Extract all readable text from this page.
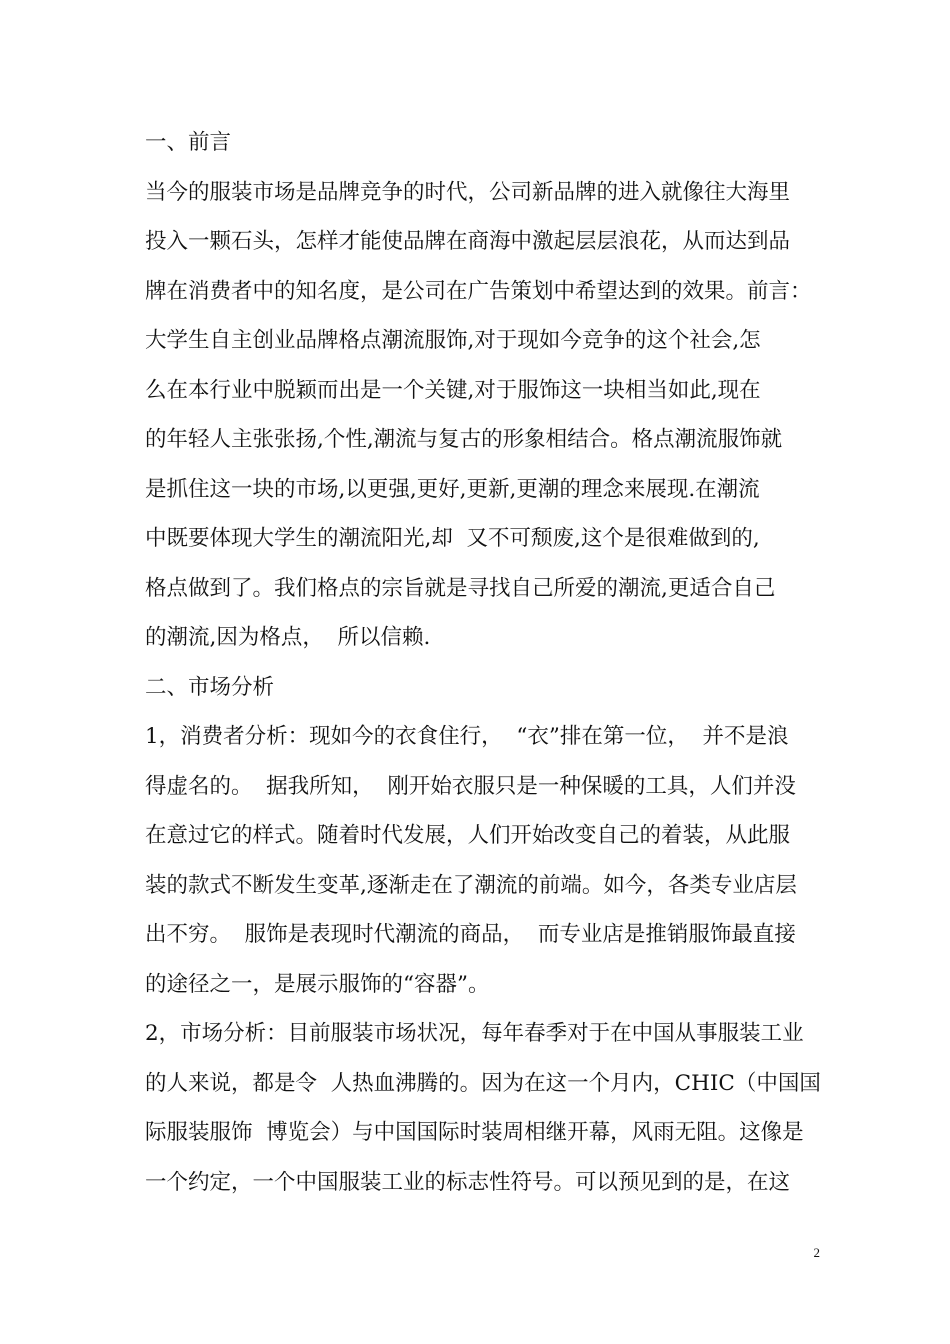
一、前言
当今的服装市场是品牌竞争的时代，公司新品牌的进入就像往大海里
投入一颗石头，怎样才能使品牌在商海中激起层层浪花，从而达到品
牌在消费者中的知名度，是公司在广告策划中希望达到的效果。前言：
大学生自主创业品牌格点潮流服饰,对于现如今竞争的这个社会,怎
么在本行业中脱颖而出是一个关键,对于服饰这一块相当如此,现在
的年轻人主张张扬,个性,潮流与复古的形象相结合。格点潮流服饰就
是抓住这一块的市场,以更强,更好,更新,更潮的理念来展现.在潮流
中既要体现大学生的潮流阳光,却  又不可颓废,这个是很难做到的,
格点做到了。我们格点的宗旨就是寻找自己所爱的潮流,更适合自己
的潮流,因为格点，  所以信赖.
二、市场分析
1，消费者分析：现如今的衣食住行，  “衣”排在第一位，  并不是浪
得虚名的。  据我所知，  刚开始衣服只是一种保暖的工具，人们并没
在意过它的样式。随着时代发展，人们开始改变自己的着装，从此服
装的款式不断发生变革,逐渐走在了潮流的前端。如今，各类专业店层
出不穷。  服饰是表现时代潮流的商品，  而专业店是推销服饰最直接
的途径之一，是展示服饰的“容器”。
2，市场分析：目前服装市场状况，每年春季对于在中国从事服装工业
的人来说，都是令  人热血沸腾的。因为在这一个月内，CHIC（中国国
际服装服饰  博览会）与中国国际时装周相继开幕，风雨无阻。这像是
一个约定，一个中国服装工业的标志性符号。可以预见到的是，在这
2
